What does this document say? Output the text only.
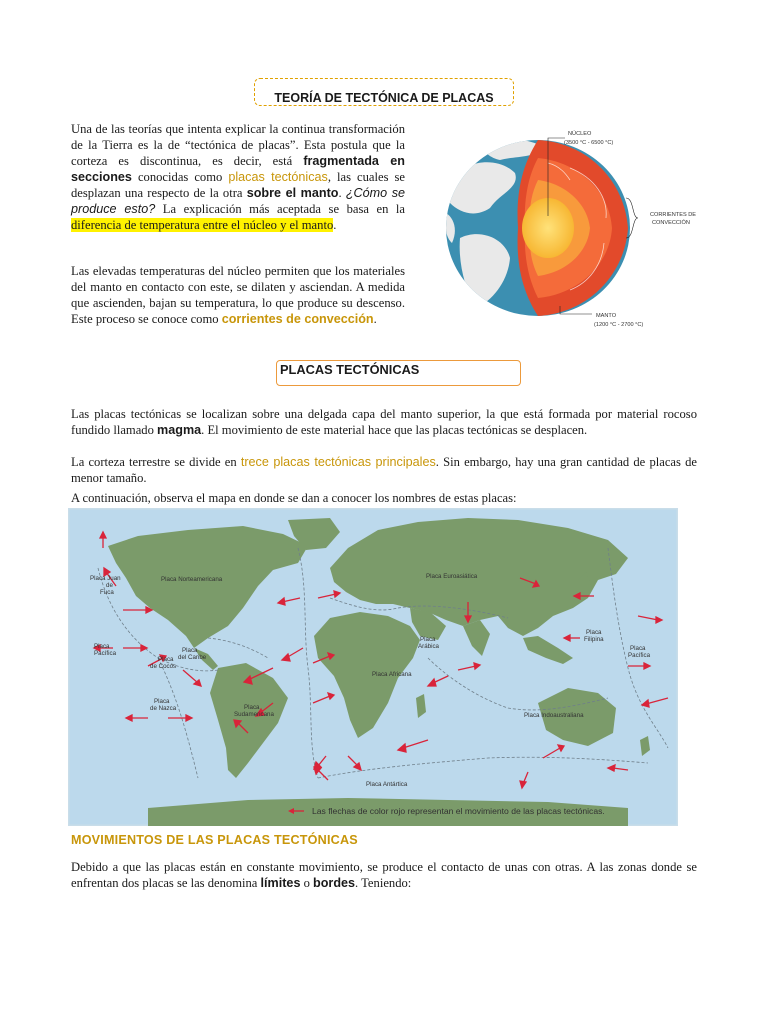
TEORÍA DE TECTÓNICA DE PLACAS
Una de las teorías que intenta explicar la continua transformación de la Tierra es la de “tectónica de placas”. Esta postula que la corteza es discontinua, es decir, está fragmentada en secciones conocidas como placas tectónicas, las cuales se desplazan una respecto de la otra sobre el manto. ¿Cómo se produce esto? La explicación más aceptada se basa en la diferencia de temperatura entre el núcleo y el manto.
Las elevadas temperaturas del núcleo permiten que los materiales del manto en contacto con este, se dilaten y asciendan. A medida que ascienden, bajan su temperatura, lo que produce su descenso. Este proceso se conoce como corrientes de convección.
NÚCLEO
(3500 °C - 6500 °C)
CORRIENTES DE
CONVECCIÓN
MANTO
(1200 °C - 2700 °C)
PLACAS TECTÓNICAS
Las placas tectónicas se localizan sobre una delgada capa del manto superior, la que está formada por material rocoso fundido llamado magma. El movimiento de este material hace que las placas tectónicas se desplacen.
La corteza terrestre se divide en trece placas tectónicas principales. Sin embargo, hay una gran cantidad de placas de menor tamaño.
A continuación, observa el mapa en donde se dan a conocer los nombres de estas placas:
Placa Juan
de
Fuca
Placa Norteamericana	Placa Euroasiática
Placa
Pacífica	Placa
del Caribe
Placa
de Cocos
Placa
Arábica
Placa
Filipina
Placa
Pacífica
Placa
de Nazca	Placa
Sudamericana
Placa Africana
Placa Indoaustraliana
Placa Antártica
Las flechas de color rojo representan el movimiento de las placas tectónicas.
MOVIMIENTOS DE LAS PLACAS TECTÓNICAS
Debido a que las placas están en constante movimiento, se produce el contacto de unas con otras. A las zonas donde se enfrentan dos placas se las denomina límites o bordes. Teniendo:
